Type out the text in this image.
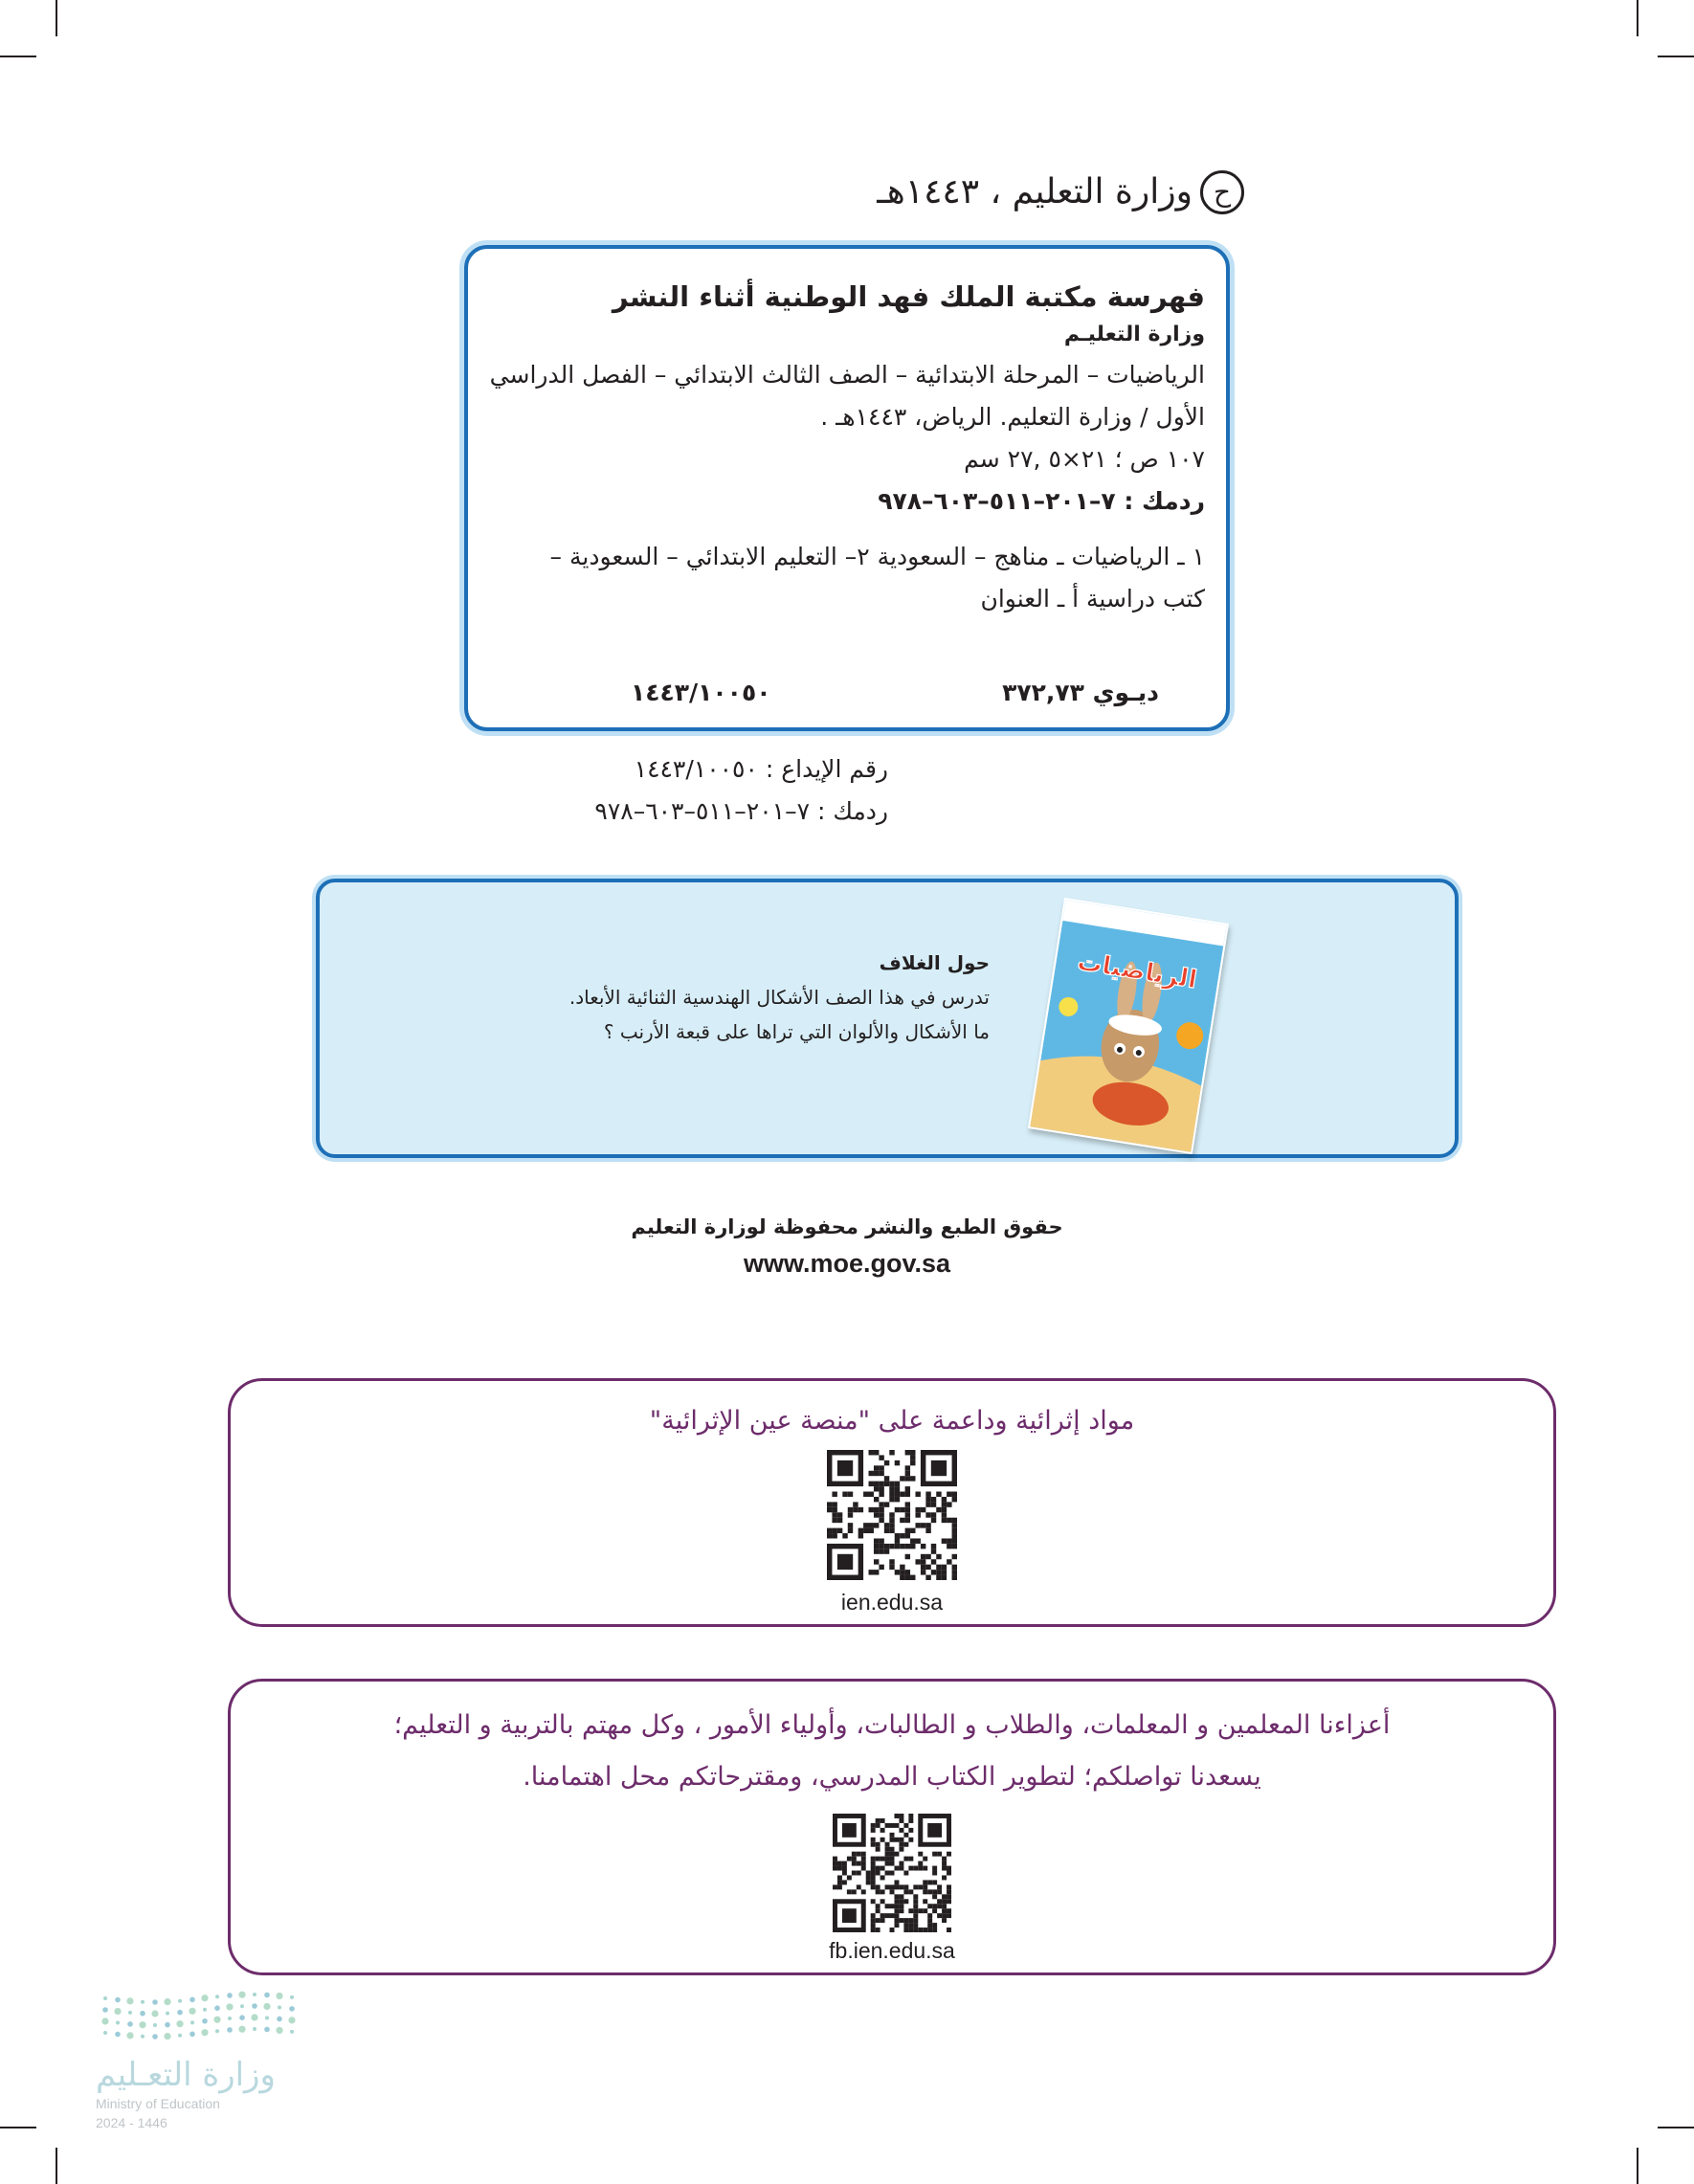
ح
وزارة التعليم ، ١٤٤٣هـ
فهرسة مكتبة الملك فهد الوطنية أثناء النشر
وزارة التعليـم
الرياضيات – المرحلة الابتدائية – الصف الثالث الابتدائي – الفصل الدراسي
الأول / وزارة التعليم. الرياض، ١٤٤٣هـ .
١٠٧ ص ؛ ٢١×٥ ,٢٧ سم
ردمك : ٧–٢٠١–٥١١–٦٠٣–٩٧٨
١ ـ الرياضيات ـ مناهج – السعودية ٢– التعليم الابتدائي – السعودية –
كتب دراسية أ ـ العنوان
ديـوي ٣٧٢,٧٣
١٤٤٣/١٠٠٥٠
رقم الإيداع : ١٤٤٣/١٠٠٥٠
ردمك : ٧–٢٠١–٥١١–٦٠٣–٩٧٨
حول الغلاف
تدرس في هذا الصف الأشكال الهندسية الثنائية الأبعاد.
ما الأشكال والألوان التي تراها على قبعة الأرنب ؟
الرياضيات
حقوق الطبع والنشر محفوظة لوزارة التعليم
www.moe.gov.sa
مواد إثرائية وداعمة على "منصة عين الإثرائية"
ien.edu.sa
أعزاءنا المعلمين و المعلمات، والطلاب و الطالبات، وأولياء الأمور ، وكل مهتم بالتربية و التعليم؛
يسعدنا تواصلكم؛ لتطوير الكتاب المدرسي، ومقترحاتكم محل اهتمامنا.
fb.ien.edu.sa
وزارة التعـليم
Ministry of Education
2024 - 1446
